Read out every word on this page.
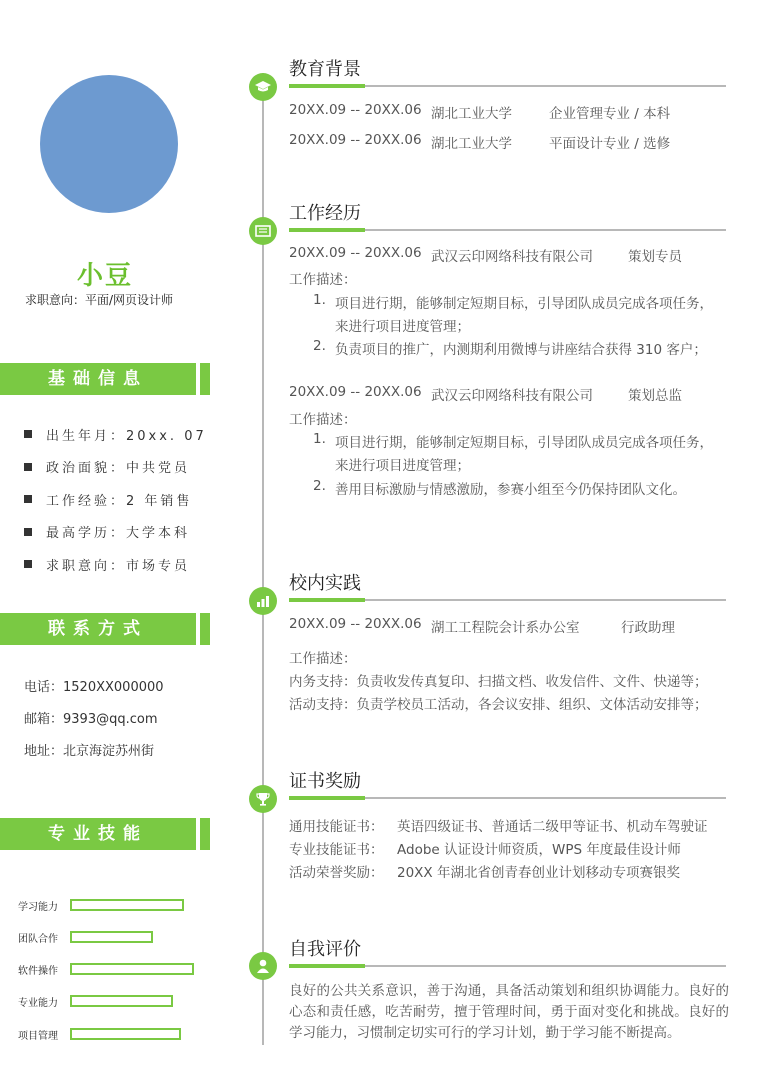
小豆
求职意向：平面/网页设计师
基础信息
出生年月：20xx. 07
政治面貌：中共党员
工作经验：2 年销售
最高学历：大学本科
求职意向：市场专员
联系方式
电话：1520XX000000
邮箱：9393@qq.com
地址：北京海淀苏州街
专业技能
学习能力
团队合作
软件操作
专业能力
项目管理
教育背景
20XX.09 -- 20XX.06 湖北工业大学	企业管理专业 / 本科
20XX.09 -- 20XX.06 湖北工业大学	平面设计专业 / 选修
工作经历
20XX.09 -- 20XX.06 武汉云印网络科技有限公司	策划专员
工作描述：
1. 项目进行期，能够制定短期目标，引导团队成员完成各项任务，
来进行项目进度管理；
2. 负责项目的推广，内测期利用微博与讲座结合获得 310 客户；
20XX.09 -- 20XX.06 武汉云印网络科技有限公司	策划总监
工作描述：
1. 项目进行期，能够制定短期目标，引导团队成员完成各项任务，
来进行项目进度管理；
2. 善用目标激励与情感激励，参赛小组至今仍保持团队文化。
校内实践
20XX.09 -- 20XX.06 湖工工程院会计系办公室	行政助理
工作描述：
内务支持：负责收发传真复印、扫描文档、收发信件、文件、快递等；
活动支持：负责学校员工活动，各会议安排、组织、文体活动安排等；
证书奖励
通用技能证书：	英语四级证书、普通话二级甲等证书、机动车驾驶证
专业技能证书：	Adobe 认证设计师资质，WPS 年度最佳设计师
活动荣誉奖励：	20XX 年湖北省创青春创业计划移动专项赛银奖
自我评价
良好的公共关系意识，善于沟通，具备活动策划和组织协调能力。良好的心态和责任感，吃苦耐劳，擅于管理时间，勇于面对变化和挑战。良好的学习能力，习惯制定切实可行的学习计划，勤于学习能不断提高。
